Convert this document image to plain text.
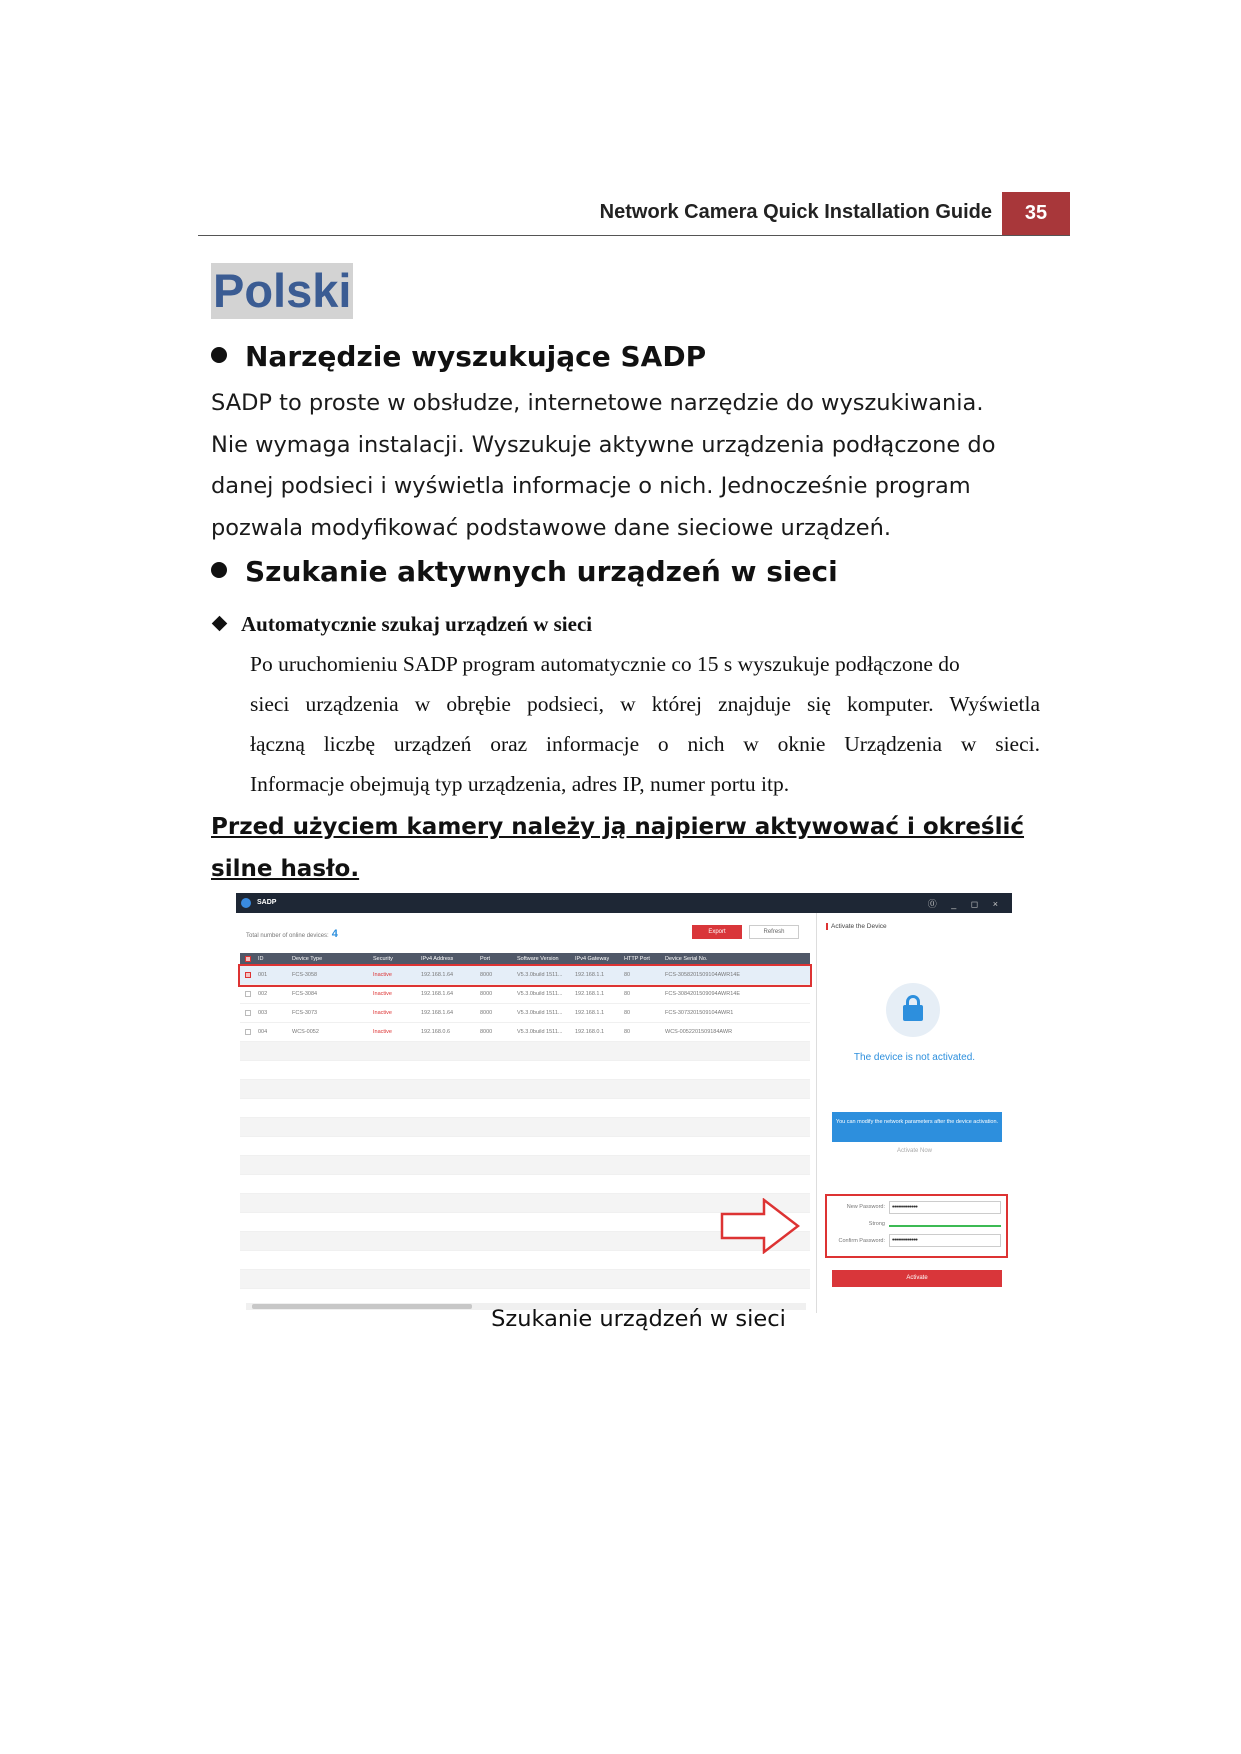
Network Camera Quick Installation Guide	35
Polski
Narzędzie wyszukujące SADP
SADP to proste w obsłudze, internetowe narzędzie do wyszukiwania.
Nie wymaga instalacji. Wyszukuje aktywne urządzenia podłączone do
danej podsieci i wyświetla informacje o nich. Jednocześnie program
pozwala modyfikować podstawowe dane sieciowe urządzeń.
Szukanie aktywnych urządzeń w sieci
Automatycznie szukaj urządzeń w sieci
Po uruchomieniu SADP program automatycznie co 15 s wyszukuje podłączone do
sieci urządzenia w obrębie podsieci, w której znajduje się komputer. Wyświetla
łączną liczbę urządzeń oraz informacje o nich w oknie Urządzenia w sieci.
Informacje obejmują typ urządzenia, adres IP, numer portu itp.
Przed użyciem kamery należy ją najpierw aktywować i określić
silne hasło.
SADP	⓪ _ ◻ ×
Total number of online devices: 4	Export	Refresh
ID	Device Type	Security	IPv4 Address	Port	Software Version	IPv4 Gateway	HTTP Port	Device Serial No.
001	FCS-3058	Inactive	192.168.1.64	8000	V5.3.0build 1511... 192.168.1.1	80	FCS-3058201509104AWR14E
002	FCS-3084	Inactive	192.168.1.64	8000	V5.3.0build 1511... 192.168.1.1	80	FCS-3084201509094AWR14E
003	FCS-3073	Inactive	192.168.1.64	8000	V5.3.0build 1511... 192.168.1.1	80	FCS-3073201509104AWR1
004	WCS-0052	Inactive	192.168.0.6	8000	V5.3.0build 1511... 192.168.0.1	80	WCS-0052201509184AWR
Activate the Device
The device is not activated.
You can modify the network parameters after the device activation.
Activate Now
New Password:	•••••••••••••
Strong
Confirm Password:	•••••••••••••
Activate
Szukanie urządzeń w sieci
